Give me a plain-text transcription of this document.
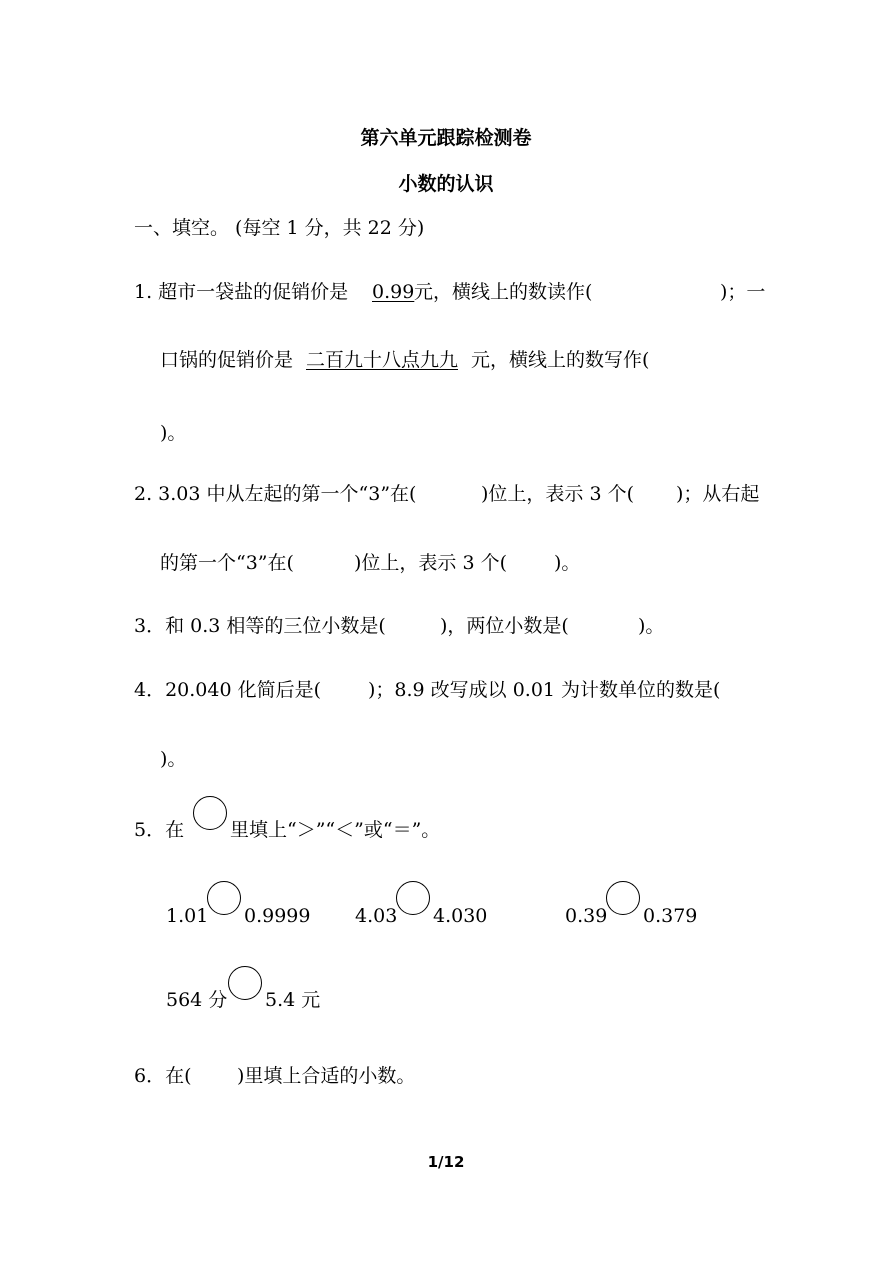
第六单元跟踪检测卷
小数的认识
一、填空。 (每空 1 分，共 22 分)
1. 超市一袋盐的促销价是 0.99 元，横线上的数读作(	)；一
口锅的促销价是 二百九十八点九九 元，横线上的数写作(
)。
2. 3.03 中从左起的第一个“3”在(	)位上，表示 3 个( )；从右起
的第一个“3”在(	)位上，表示 3 个( )。
3．和 0.3 相等的三位小数是(	)，两位小数是(	)。
4．20.040 化简后是( )；8.9 改写成以 0.01 为计数单位的数是(
)。
5．在 里填上“＞”“＜”或“＝”。
1.01 0.9999 4.03 4.030	0.39 0.379
564 分 5.4 元
6．在( )里填上合适的小数。
1/12
